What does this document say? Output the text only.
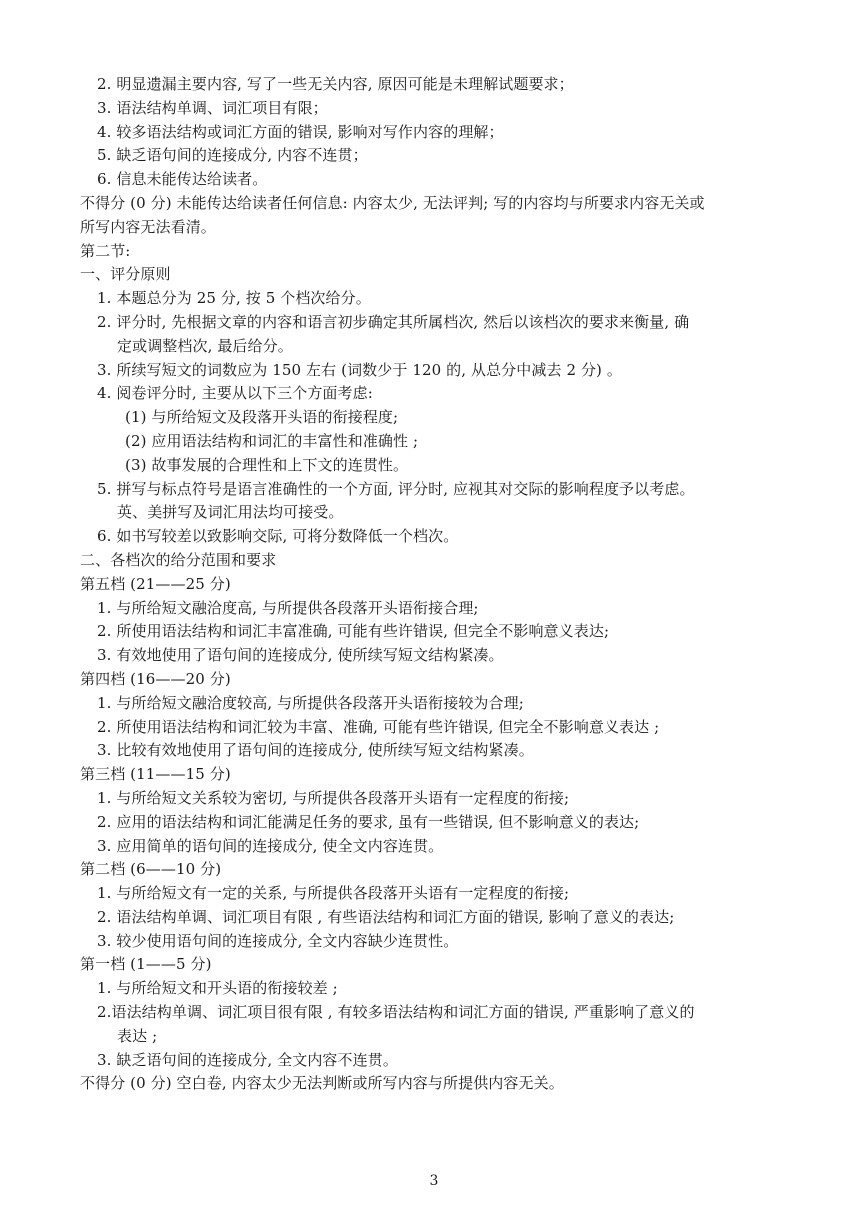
2. 明显遗漏主要内容, 写了一些无关内容, 原因可能是未理解试题要求；
3. 语法结构单调、词汇项目有限；
4. 较多语法结构或词汇方面的错误, 影响对写作内容的理解；
5. 缺乏语句间的连接成分, 内容不连贯；
6. 信息未能传达给读者。
不得分 (0 分) 未能传达给读者任何信息: 内容太少, 无法评判; 写的内容均与所要求内容无关或
所写内容无法看清。
第二节:
一、评分原则
1. 本题总分为 25 分, 按 5 个档次给分。
2. 评分时, 先根据文章的内容和语言初步确定其所属档次, 然后以该档次的要求来衡量, 确
定或调整档次, 最后给分。
3. 所续写短文的词数应为 150 左右 (词数少于 120 的, 从总分中减去 2 分) 。
4. 阅卷评分时, 主要从以下三个方面考虑:
(1) 与所给短文及段落开头语的衔接程度;
(2) 应用语法结构和词汇的丰富性和准确性 ;
(3) 故事发展的合理性和上下文的连贯性。
5. 拼写与标点符号是语言准确性的一个方面, 评分时, 应视其对交际的影响程度予以考虑。
英、美拼写及词汇用法均可接受。
6. 如书写较差以致影响交际, 可将分数降低一个档次。
二、各档次的给分范围和要求
第五档 (21——25 分)
1. 与所给短文融洽度高, 与所提供各段落开头语衔接合理;
2. 所使用语法结构和词汇丰富准确, 可能有些许错误, 但完全不影响意义表达;
3. 有效地使用了语句间的连接成分, 使所续写短文结构紧凑。
第四档 (16——20 分)
1. 与所给短文融洽度较高, 与所提供各段落开头语衔接较为合理;
2. 所使用语法结构和词汇较为丰富、准确, 可能有些许错误, 但完全不影响意义表达 ;
3. 比较有效地使用了语句间的连接成分, 使所续写短文结构紧凑。
第三档 (11——15 分)
1. 与所给短文关系较为密切, 与所提供各段落开头语有一定程度的衔接;
2. 应用的语法结构和词汇能满足任务的要求, 虽有一些错误, 但不影响意义的表达;
3. 应用简单的语句间的连接成分, 使全文内容连贯。
第二档 (6——10 分)
1. 与所给短文有一定的关系, 与所提供各段落开头语有一定程度的衔接;
2. 语法结构单调、词汇项目有限 , 有些语法结构和词汇方面的错误, 影响了意义的表达;
3. 较少使用语句间的连接成分, 全文内容缺少连贯性。
第一档 (1——5 分)
1. 与所给短文和开头语的衔接较差 ;
2.语法结构单调、词汇项目很有限 , 有较多语法结构和词汇方面的错误, 严重影响了意义的
表达 ;
3. 缺乏语句间的连接成分, 全文内容不连贯。
不得分 (0 分) 空白卷, 内容太少无法判断或所写内容与所提供内容无关。
3
